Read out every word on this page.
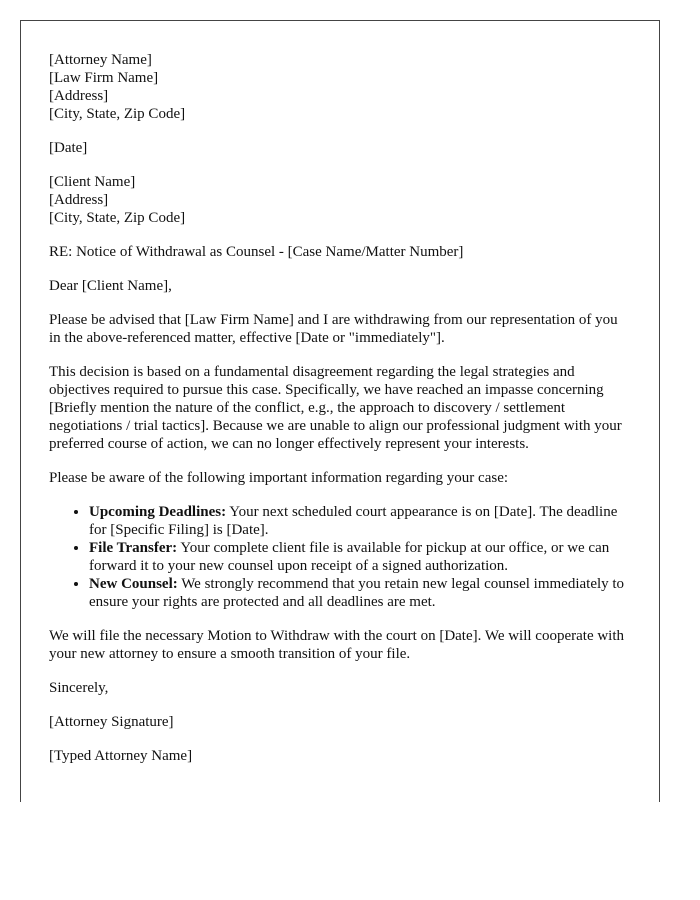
[Attorney Name]
[Law Firm Name]
[Address]
[City, State, Zip Code]

[Date]

[Client Name]
[Address]
[City, State, Zip Code]

RE: Notice of Withdrawal as Counsel - [Case Name/Matter Number]

Dear [Client Name],

Please be advised that [Law Firm Name] and I are withdrawing from our representation of you in the above-referenced matter, effective [Date or "immediately"].

This decision is based on a fundamental disagreement regarding the legal strategies and objectives required to pursue this case. Specifically, we have reached an impasse concerning [Briefly mention the nature of the conflict, e.g., the approach to discovery / settlement negotiations / trial tactics]. Because we are unable to align our professional judgment with your preferred course of action, we can no longer effectively represent your interests.

Please be aware of the following important information regarding your case:

• Upcoming Deadlines: Your next scheduled court appearance is on [Date]. The deadline for [Specific Filing] is [Date].
• File Transfer: Your complete client file is available for pickup at our office, or we can forward it to your new counsel upon receipt of a signed authorization.
• New Counsel: We strongly recommend that you retain new legal counsel immediately to ensure your rights are protected and all deadlines are met.

We will file the necessary Motion to Withdraw with the court on [Date]. We will cooperate with your new attorney to ensure a smooth transition of your file.

Sincerely,

[Attorney Signature]

[Typed Attorney Name]
